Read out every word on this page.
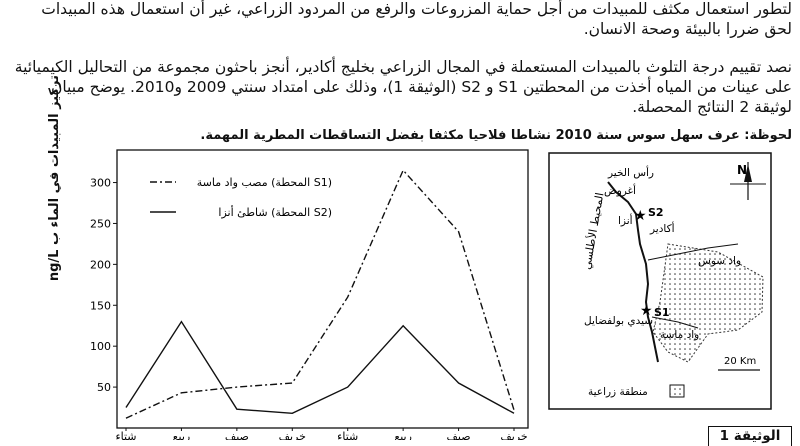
لتطور استعمال مكثف للمبيدات من أجل حماية المزروعات والرفع من المردود الزراعي، غير أن استعمال هذه المبيدات
لحق ضررا بالبيئة وصحة الانسان.
نصد تقييم درجة التلوث بالمبيدات المستعملة في المجال الزراعي بخليج أكادير، أنجز باحثون مجموعة من التحاليل الكيميائية
على عينات من المياه أخذت من المحطتين S1 و S2 (الوثيقة 1)، وذلك على امتداد سنتي 2009 و2010. يوضح مبيان
لوثيقة 2 النتائج المحصلة.
لحوظة: عرف سهل سوس سنة 2010 نشاطا فلاحيا مكثفا بفضل التساقطات المطرية المهمة.
تركيز المبيدات في الماء ب ng/L
50
100
150
200
250
300
شتاء	ربيع	صيف	خريف	شتاء	ربيع	صيف	خريف
مصب واد ماسة (المحطة S1)
شاطئ أنزا (المحطة S2)
N
★
★
رأس الخير
أغروض
أنزا
S2
أكادير
واد سوس
S1
سيدي بولفضايل
واد ماسة
المحيط الأطلسي
20 Km
منطقة زراعية
الوثيقة 1
